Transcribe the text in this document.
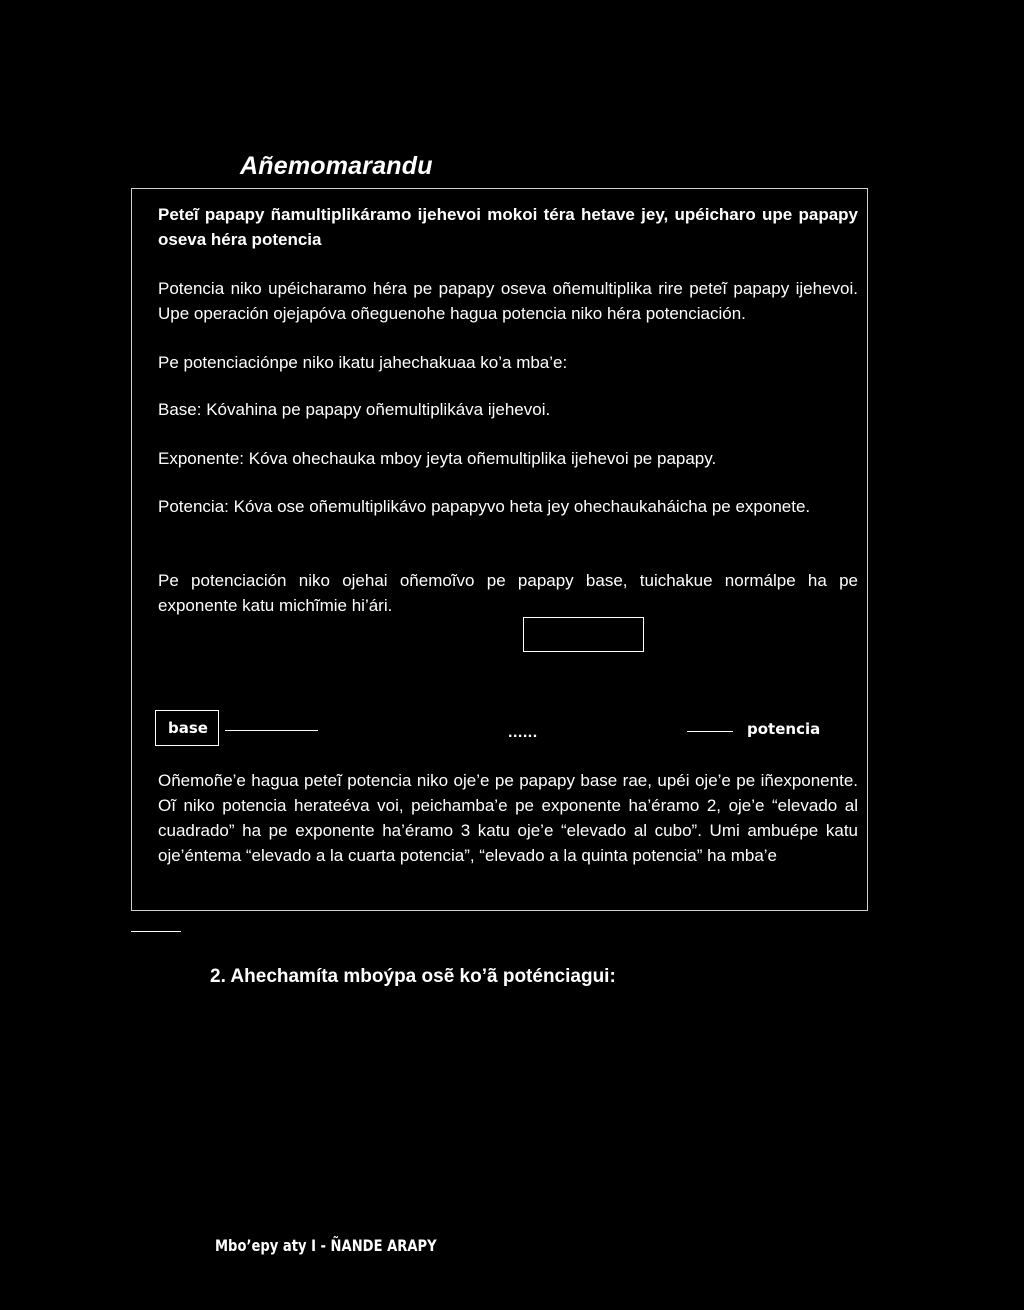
Añemomarandu

Peteĩ papapy ñamultiplikáramo ijehevoi mokoi téra hetave jey, upéicharo upe papapy oseva héra potencia

Potencia niko upéicharamo héra pe papapy oseva oñemultiplika rire peteĩ papapy ijehevoi. Upe operación ojejapóva oñeguenohe hagua potencia niko héra potenciación.

Pe potenciaciónpe niko ikatu jahechakuaa ko’a mba’e:

Base: Kóvahina pe papapy oñemultiplikáva ijehevoi.

Exponente: Kóva ohechauka mboy jeyta oñemultiplika ijehevoi pe papapy.

Potencia: Kóva ose oñemultiplikávo papapyvo heta jey ohechaukaháicha pe exponete.

Pe potenciación niko ojehai oñemoĩvo pe papapy base, tuichakue normálpe ha pe exponente katu michĩmie hi’ári.

base	......	potencia

Oñemoñe’e hagua peteĩ potencia niko oje’e pe papapy base rae, upéi oje’e pe iñexponente. Oĩ niko potencia herateéva voi, peichamba’e pe exponente ha’éramo 2, oje’e “elevado al cuadrado” ha pe exponente ha’éramo 3 katu oje’e “elevado al cubo”. Umi ambuépe katu oje’éntema “elevado a la cuarta potencia”, “elevado a la quinta potencia” ha mba’e

2. Ahechamíta mboýpa osẽ ko’ã poténciagui:

Mbo’epy aty I - ÑANDE ARAPY
